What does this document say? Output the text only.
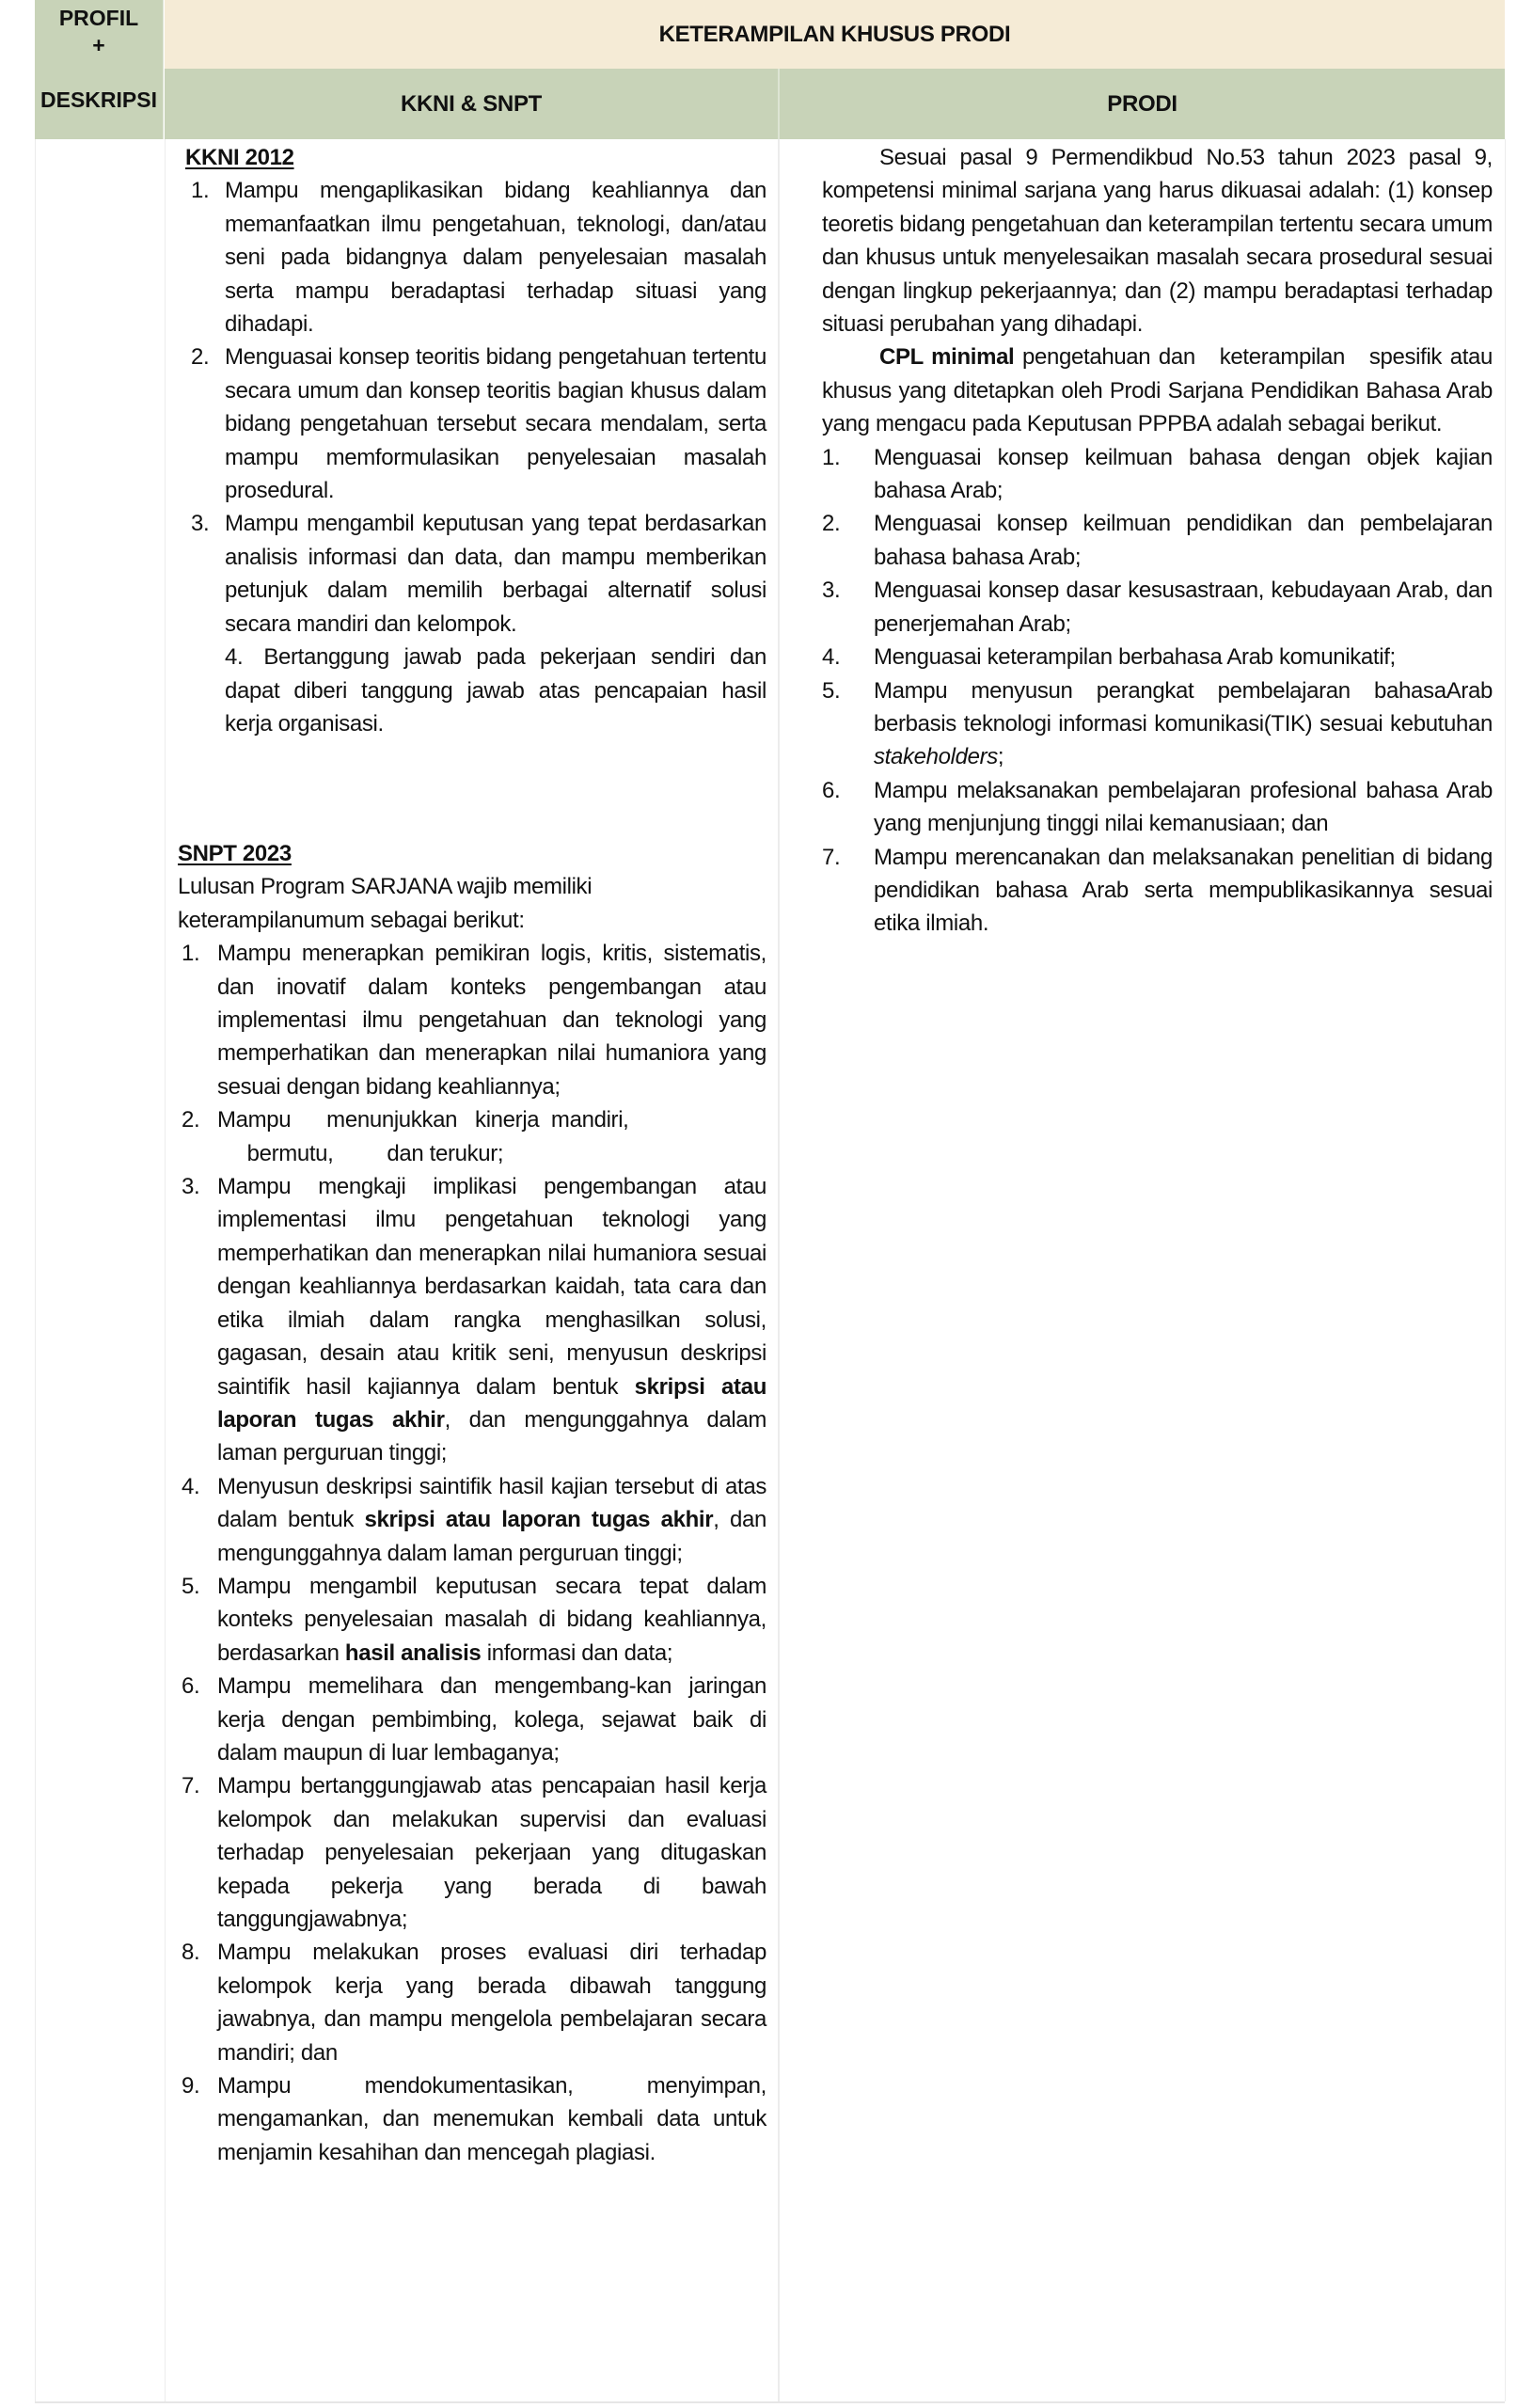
PROFIL
+
DESKRIPSI
KETERAMPILAN KHUSUS PRODI
KKNI & SNPT	PRODI
KKNI 2012
1. Mampu mengaplikasikan bidang keahliannya dan memanfaatkan ilmu pengetahuan, teknologi, dan/atau seni pada bidangnya dalam penyelesaian masalah serta mampu beradaptasi terhadap situasi yang dihadapi.
2. Menguasai konsep teoritis bidang pengetahuan tertentu secara umum dan konsep teoritis bagian khusus dalam bidang pengetahuan tersebut secara mendalam, serta mampu memformulasikan penyelesaian masalah prosedural.
3. Mampu mengambil keputusan yang tepat berdasarkan analisis informasi dan data, dan mampu memberikan petunjuk dalam memilih berbagai alternatif solusi secara mandiri dan kelompok.
4. Bertanggung jawab pada pekerjaan sendiri dan dapat diberi tanggung jawab atas pencapaian hasil kerja organisasi.
SNPT 2023
Lulusan Program SARJANA wajib memiliki
keterampilanumum sebagai berikut:
1. Mampu menerapkan pemikiran logis, kritis, sistematis, dan inovatif dalam konteks pengembangan atau implementasi ilmu pengetahuan dan teknologi yang memperhatikan dan menerapkan nilai humaniora yang sesuai dengan bidang keahliannya;
2. Mampu      menunjukkan   kinerja  mandiri,
bermutu,         dan terukur;
3. Mampu mengkaji implikasi pengembangan atau implementasi ilmu pengetahuan teknologi yang memperhatikan dan menerapkan nilai humaniora sesuai dengan keahliannya berdasarkan kaidah, tata cara dan etika ilmiah dalam rangka menghasilkan solusi, gagasan, desain atau kritik seni, menyusun deskripsi saintifik hasil kajiannya dalam bentuk skripsi atau laporan tugas akhir, dan mengunggahnya dalam laman perguruan tinggi;
4. Menyusun deskripsi saintifik hasil kajian tersebut di atas dalam bentuk skripsi atau laporan tugas akhir, dan mengunggahnya dalam laman perguruan tinggi;
5. Mampu mengambil keputusan secara tepat dalam konteks penyelesaian masalah di bidang keahliannya, berdasarkan hasil analisis informasi dan data;
6. Mampu memelihara dan mengembang-kan jaringan kerja dengan pembimbing, kolega, sejawat baik di dalam maupun di luar lembaganya;
7. Mampu bertanggungjawab atas pencapaian hasil kerja kelompok dan melakukan supervisi dan evaluasi terhadap penyelesaian pekerjaan yang ditugaskan kepada pekerja yang berada di bawah tanggungjawabnya;
8. Mampu melakukan proses evaluasi diri terhadap kelompok kerja yang berada dibawah tanggung jawabnya, dan mampu mengelola pembelajaran secara mandiri; dan
9. Mampu mendokumentasikan, menyimpan, mengamankan, dan menemukan kembali data untuk menjamin kesahihan dan mencegah plagiasi.

Sesuai pasal 9 Permendikbud No.53 tahun 2023 pasal 9, kompetensi minimal sarjana yang harus dikuasai adalah: (1) konsep teoretis bidang pengetahuan dan keterampilan tertentu secara umum dan khusus untuk menyelesaikan masalah secara prosedural sesuai dengan lingkup pekerjaannya; dan (2) mampu beradaptasi terhadap situasi perubahan yang dihadapi.

CPL minimal pengetahuan dan   keterampilan   spesifik atau khusus yang ditetapkan oleh Prodi Sarjana Pendidikan Bahasa Arab yang mengacu pada Keputusan PPPBA adalah sebagai berikut.

1. Menguasai konsep keilmuan bahasa dengan objek kajian bahasa Arab;
2. Menguasai konsep keilmuan pendidikan dan pembelajaran bahasa bahasa Arab;
3. Menguasai konsep dasar kesusastraan, kebudayaan Arab, dan penerjemahan Arab;
4. Menguasai keterampilan berbahasa Arab komunikatif;
5. Mampu menyusun perangkat pembelajaran bahasaArab berbasis teknologi informasi komunikasi(TIK) sesuai kebutuhan stakeholders;
6. Mampu melaksanakan pembelajaran profesional bahasa Arab yang menjunjung tinggi nilai kemanusiaan; dan
7. Mampu merencanakan dan melaksanakan penelitian di bidang pendidikan bahasa Arab serta mempublikasikannya sesuai etika ilmiah.
